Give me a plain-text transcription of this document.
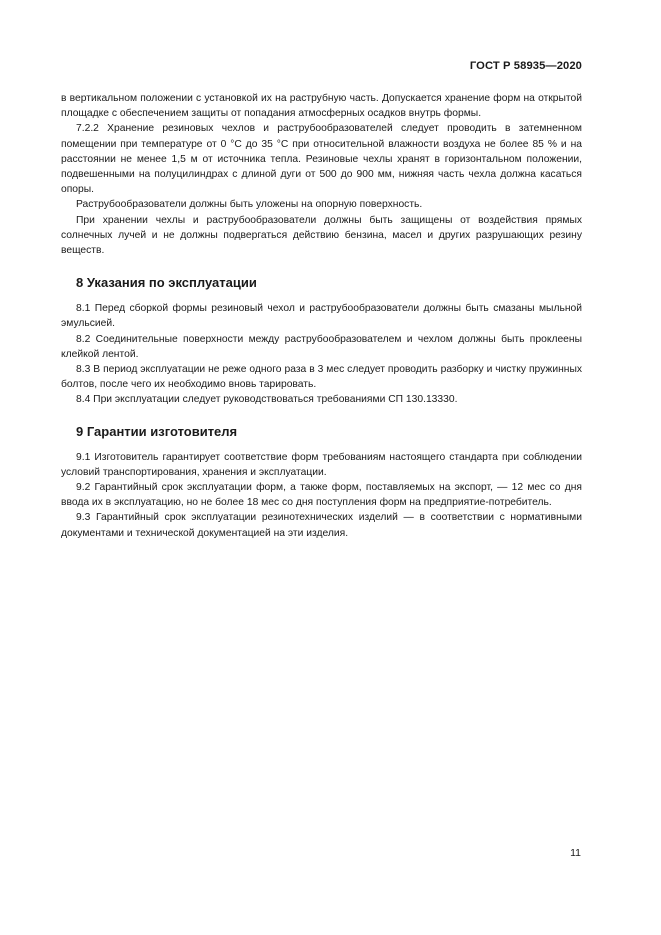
ГОСТ Р 58935—2020

в вертикальном положении с установкой их на раструбную часть. Допускается хранение форм на открытой площадке с обеспечением защиты от попадания атмосферных осадков внутрь формы.

7.2.2 Хранение резиновых чехлов и раструбообразователей следует проводить в затемненном помещении при температуре от 0 °С до 35 °С при относительной влажности воздуха не более 85 % и на расстоянии не менее 1,5 м от источника тепла. Резиновые чехлы хранят в горизонтальном положении, подвешенными на полуцилиндрах с длиной дуги от 500 до 900 мм, нижняя часть чехла должна касаться опоры.

Раструбообразователи должны быть уложены на опорную поверхность.

При хранении чехлы и раструбообразователи должны быть защищены от воздействия прямых солнечных лучей и не должны подвергаться действию бензина, масел и других разрушающих резину веществ.

8 Указания по эксплуатации

8.1 Перед сборкой формы резиновый чехол и раструбообразователи должны быть смазаны мыльной эмульсией.

8.2 Соединительные поверхности между раструбообразователем и чехлом должны быть проклеены клейкой лентой.

8.3 В период эксплуатации не реже одного раза в 3 мес следует проводить разборку и чистку пружинных болтов, после чего их необходимо вновь тарировать.

8.4 При эксплуатации следует руководствоваться требованиями СП 130.13330.

9 Гарантии изготовителя

9.1 Изготовитель гарантирует соответствие форм требованиям настоящего стандарта при соблюдении условий транспортирования, хранения и эксплуатации.

9.2 Гарантийный срок эксплуатации форм, а также форм, поставляемых на экспорт, — 12 мес со дня ввода их в эксплуатацию, но не более 18 мес со дня поступления форм на предприятие-потребитель.

9.3 Гарантийный срок эксплуатации резинотехнических изделий — в соответствии с нормативными документами и технической документацией на эти изделия.

11
